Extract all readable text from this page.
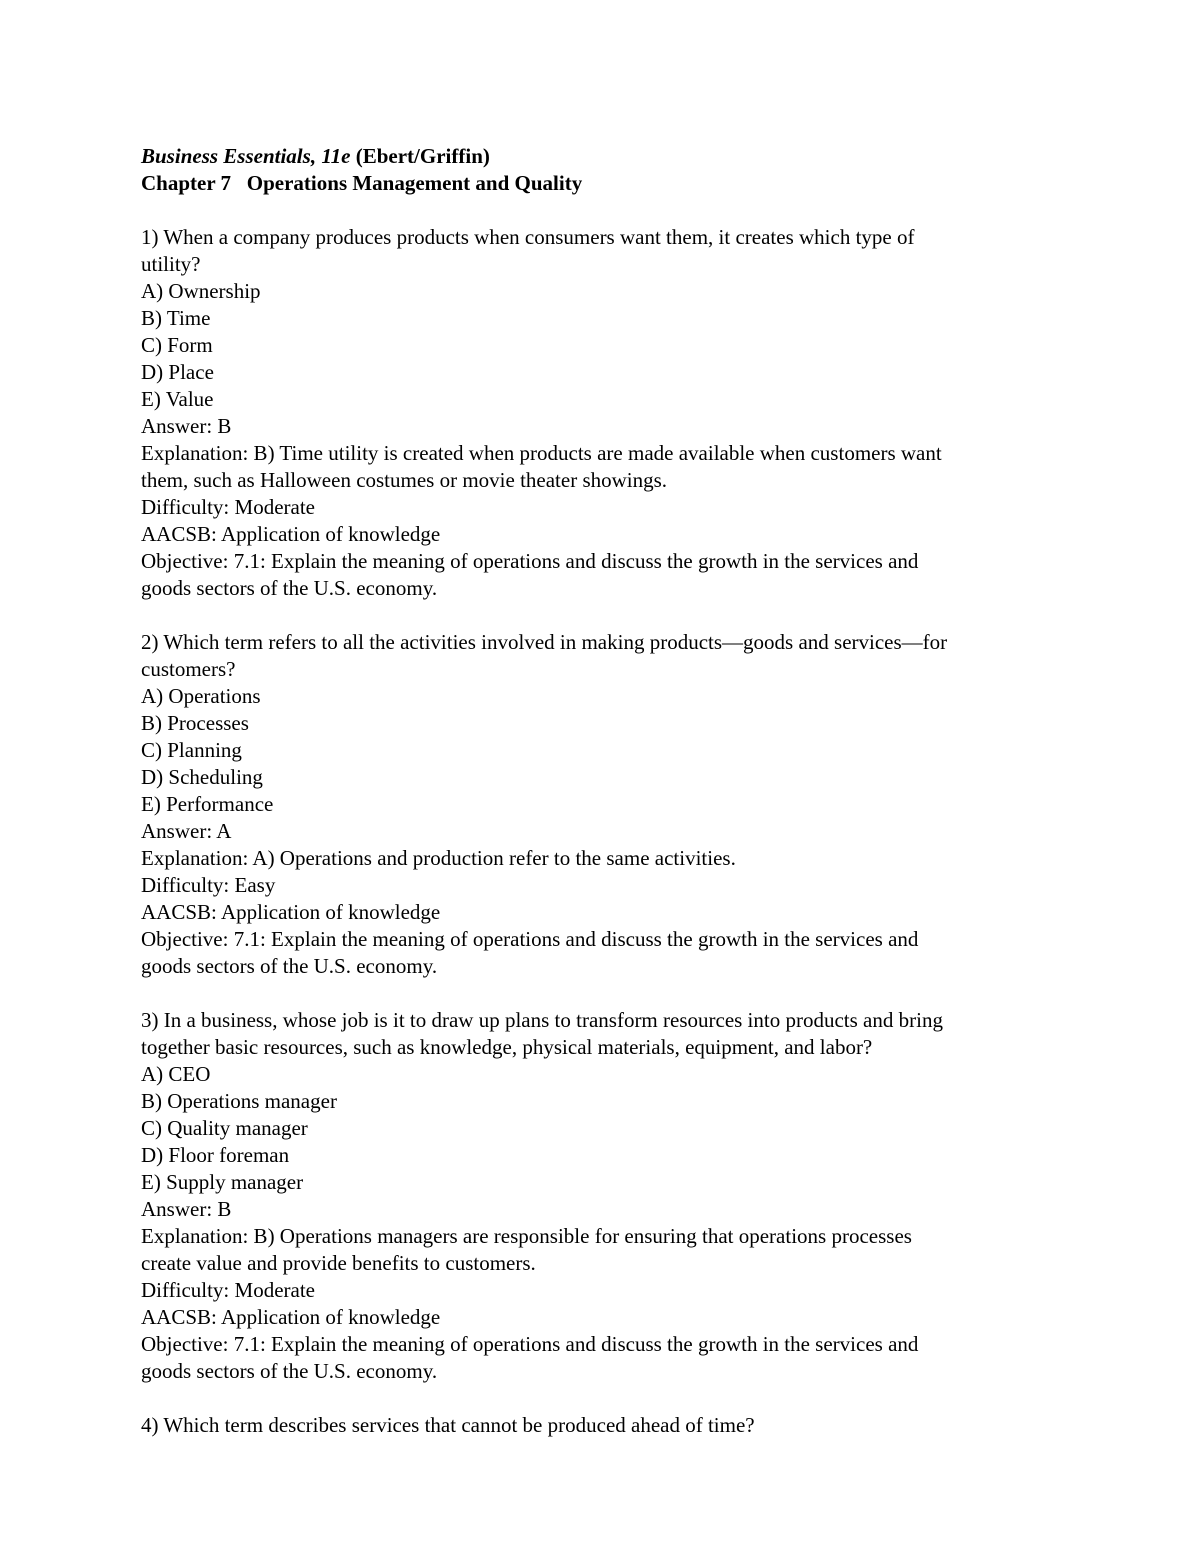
Business Essentials, 11e (Ebert/Griffin)
Chapter 7   Operations Management and Quality
1) When a company produces products when consumers want them, it creates which type of
utility?
A) Ownership
B) Time
C) Form
D) Place
E) Value
Answer: B
Explanation: B) Time utility is created when products are made available when customers want
them, such as Halloween costumes or movie theater showings.
Difficulty: Moderate
AACSB: Application of knowledge
Objective: 7.1: Explain the meaning of operations and discuss the growth in the services and
goods sectors of the U.S. economy.
2) Which term refers to all the activities involved in making products—goods and services—for
customers?
A) Operations
B) Processes
C) Planning
D) Scheduling
E) Performance
Answer: A
Explanation: A) Operations and production refer to the same activities.
Difficulty: Easy
AACSB: Application of knowledge
Objective: 7.1: Explain the meaning of operations and discuss the growth in the services and
goods sectors of the U.S. economy.
3) In a business, whose job is it to draw up plans to transform resources into products and bring
together basic resources, such as knowledge, physical materials, equipment, and labor?
A) CEO
B) Operations manager
C) Quality manager
D) Floor foreman
E) Supply manager
Answer: B
Explanation: B) Operations managers are responsible for ensuring that operations processes
create value and provide benefits to customers.
Difficulty: Moderate
AACSB: Application of knowledge
Objective: 7.1: Explain the meaning of operations and discuss the growth in the services and
goods sectors of the U.S. economy.
4) Which term describes services that cannot be produced ahead of time?
